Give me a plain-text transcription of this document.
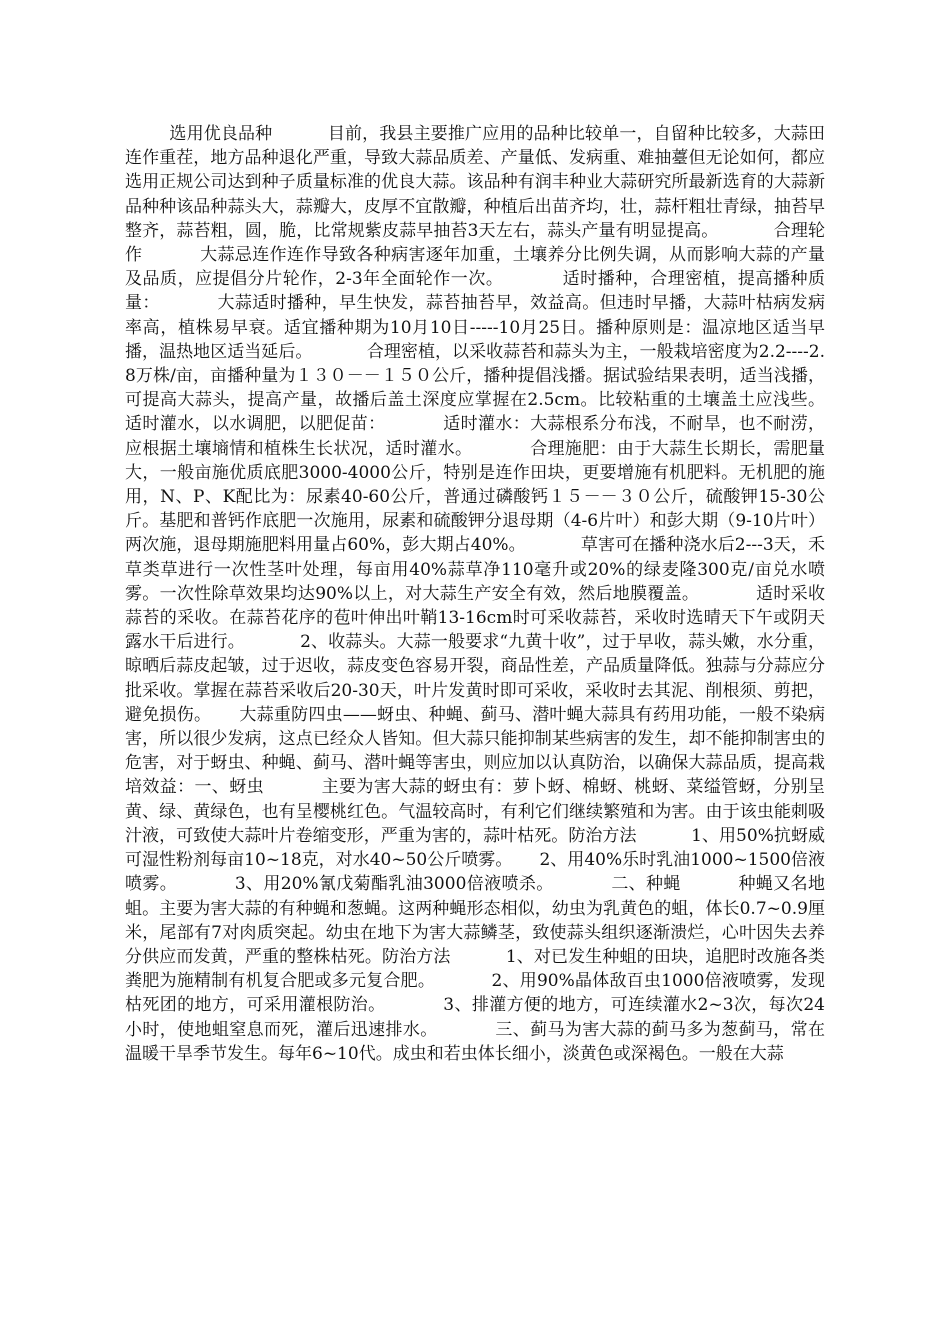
选用优良品种          目前，我县主要推广应用的品种比较单一，自留种比较多，大蒜田连作重茬，地方品种退化严重，导致大蒜品质差、产量低、发病重、难抽薹但无论如何，都应选用正规公司达到种子质量标准的优良大蒜。该品种有润丰种业大蒜研究所最新选育的大蒜新品种种该品种蒜头大，蒜瓣大，皮厚不宜散瓣，种植后出苗齐均，壮，蒜杆粗壮青绿，抽苔早整齐，蒜苔粗，圆，脆，比常规紫皮蒜早抽苔3天左右，蒜头产量有明显提高。          合理轮作          大蒜忌连作连作导致各种病害逐年加重，土壤养分比例失调，从而影响大蒜的产量及品质，应提倡分片轮作，2-3年全面轮作一次。          适时播种，合理密植，提高播种质量：          大蒜适时播种，早生快发，蒜苔抽苔早，效益高。但违时早播，大蒜叶枯病发病率高，植株易早衰。适宜播种期为10月10日-----10月25日。播种原则是：温凉地区适当早播，温热地区适当延后。          合理密植，以采收蒜苔和蒜头为主，一般栽培密度为2.2----2.8万株/亩，亩播种量为１３０－－１５０公斤，播种提倡浅播。据试验结果表明，适当浅播，可提高大蒜头，提高产量，故播后盖土深度应掌握在2.5cm。比较粘重的土壤盖土应浅些。          适时灌水，以水调肥，以肥促苗：          适时灌水：大蒜根系分布浅，不耐旱，也不耐涝，应根据土壤墒情和植株生长状况，适时灌水。          合理施肥：由于大蒜生长期长，需肥量大，一般亩施优质底肥3000-4000公斤，特别是连作田块，更要增施有机肥料。无机肥的施用，N、P、K配比为：尿素40-60公斤，普通过磷酸钙１５－－３０公斤，硫酸钾15-30公斤。基肥和普钙作底肥一次施用，尿素和硫酸钾分退母期（4-6片叶）和彭大期（9-10片叶）两次施，退母期施肥料用量占60%，彭大期占40%。          草害可在播种浇水后2---3天，禾草类草进行一次性茎叶处理，每亩用40%蒜草净110毫升或20%的绿麦隆300克/亩兑水喷雾。一次性除草效果均达90%以上，对大蒜生产安全有效，然后地膜覆盖。          适时采收          蒜苔的采收。在蒜苔花序的苞叶伸出叶鞘13-16cm时可采收蒜苔，采收时选晴天下午或阴天露水干后进行。          2、收蒜头。大蒜一般要求“九黄十收”，过于早收，蒜头嫩，水分重，晾晒后蒜皮起皱，过于迟收，蒜皮变色容易开裂，商品性差，产品质量降低。独蒜与分蒜应分批采收。掌握在蒜苔采收后20-30天，叶片发黄时即可采收，采收时去其泥、削根须、剪把，避免损伤。     大蒜重防四虫——蚜虫、种蝇、蓟马、潜叶蝇大蒜具有药用功能，一般不染病害，所以很少发病，这点已经众人皆知。但大蒜只能抑制某些病害的发生，却不能抑制害虫的危害，对于蚜虫、种蝇、蓟马、潜叶蝇等害虫，则应加以认真防治，以确保大蒜品质，提高栽培效益：一、蚜虫          主要为害大蒜的蚜虫有：萝卜蚜、棉蚜、桃蚜、菜缢管蚜，分别呈黄、绿、黄绿色，也有呈樱桃红色。气温较高时，有利它们继续繁殖和为害。由于该虫能刺吸汁液，可致使大蒜叶片卷缩变形，严重为害的，蒜叶枯死。防治方法          1、用50%抗蚜威可湿性粉剂每亩10~18克，对水40~50公斤喷雾。     2、用40%乐时乳油1000~1500倍液喷雾。          3、用20%氰戊菊酯乳油3000倍液喷杀。          二、种蝇          种蝇又名地蛆。主要为害大蒜的有种蝇和葱蝇。这两种蝇形态相似，幼虫为乳黄色的蛆，体长0.7~0.9厘米，尾部有7对肉质突起。幼虫在地下为害大蒜鳞茎，致使蒜头组织逐渐溃烂，心叶因失去养分供应而发黄，严重的整株枯死。防治方法          1、对已发生种蛆的田块，追肥时改施各类粪肥为施精制有机复合肥或多元复合肥。          2、用90%晶体敌百虫1000倍液喷雾，发现枯死团的地方，可采用灌根防治。          3、排灌方便的地方，可连续灌水2~3次，每次24小时，使地蛆窒息而死，灌后迅速排水。          三、蓟马为害大蒜的蓟马多为葱蓟马，常在温暖干旱季节发生。每年6~10代。成虫和若虫体长细小，淡黄色或深褐色。一般在大蒜
